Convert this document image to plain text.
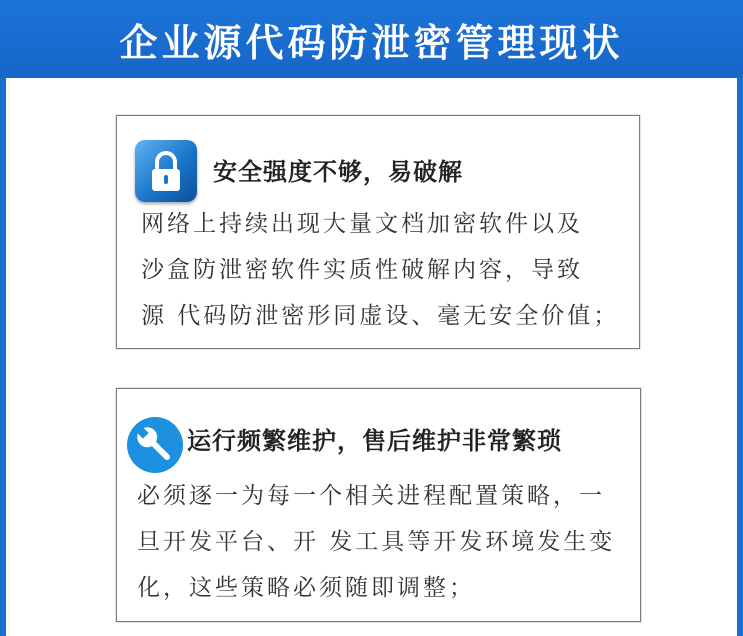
企业源代码防泄密管理现状
安全强度不够，易破解
网络上持续出现大量文档加密软件以及
沙盒防泄密软件实质性破解内容，导致
源 代码防泄密形同虚设、毫无安全价值；
运行频繁维护，售后维护非常繁琐
必须逐一为每一个相关进程配置策略，一
旦开发平台、开 发工具等开发环境发生变
化，这些策略必须随即调整；
